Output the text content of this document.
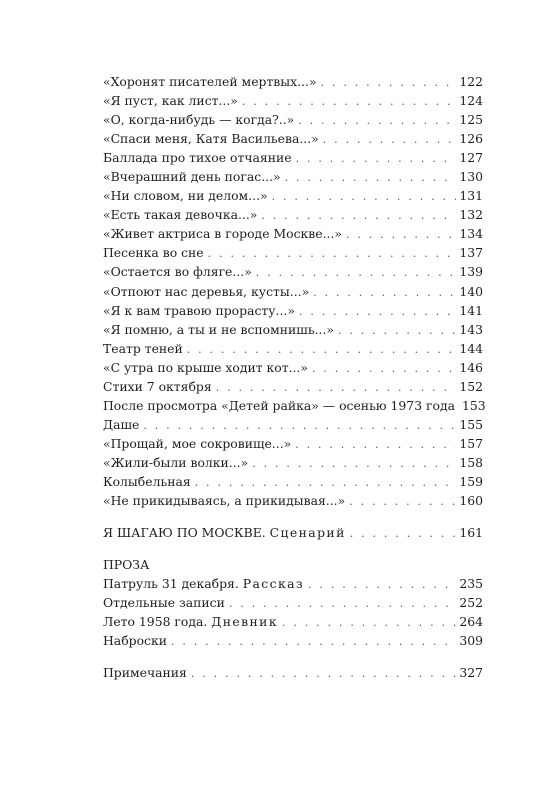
«Хоронят писателей мертвых...» . . .	122
«Я пуст, как лист...» . . .	124
«О, когда-нибудь — когда?..» . . .	125
«Спаси меня, Катя Васильева...» . . .	126
Баллада про тихое отчаяние . . .	127
«Вчерашний день погас...» . . .	130
«Ни словом, ни делом...» . . .	131
«Есть такая девочка...» . . .	132
«Живет актриса в городе Москве...» . . .	134
Песенка во сне . . .	137
«Остается во фляге...» . . .	139
«Отпоют нас деревья, кусты...» . . .	140
«Я к вам травою прорасту...» . . .	141
«Я помню, а ты и не вспомнишь...» . . .	143
Театр теней . . .	144
«С утра по крыше ходит кот...» . . .	146
Стихи 7 октября . . .	152
После просмотра «Детей райка» — осенью 1973 года 153
Даше . . .	155
«Прощай, мое сокровище...» . . .	157
«Жили-были волки...» . . .	158
Колыбельная . . .	159
«Не прикидываясь, а прикидывая...» . . .	160
Я ШАГАЮ ПО МОСКВЕ. Сценарий . . .	161
ПРОЗА
Патруль 31 декабря. Рассказ . . .	235
Отдельные записи . . .	252
Лето 1958 года. Дневник . . .	264
Наброски . . .	309
Примечания . . .	327
